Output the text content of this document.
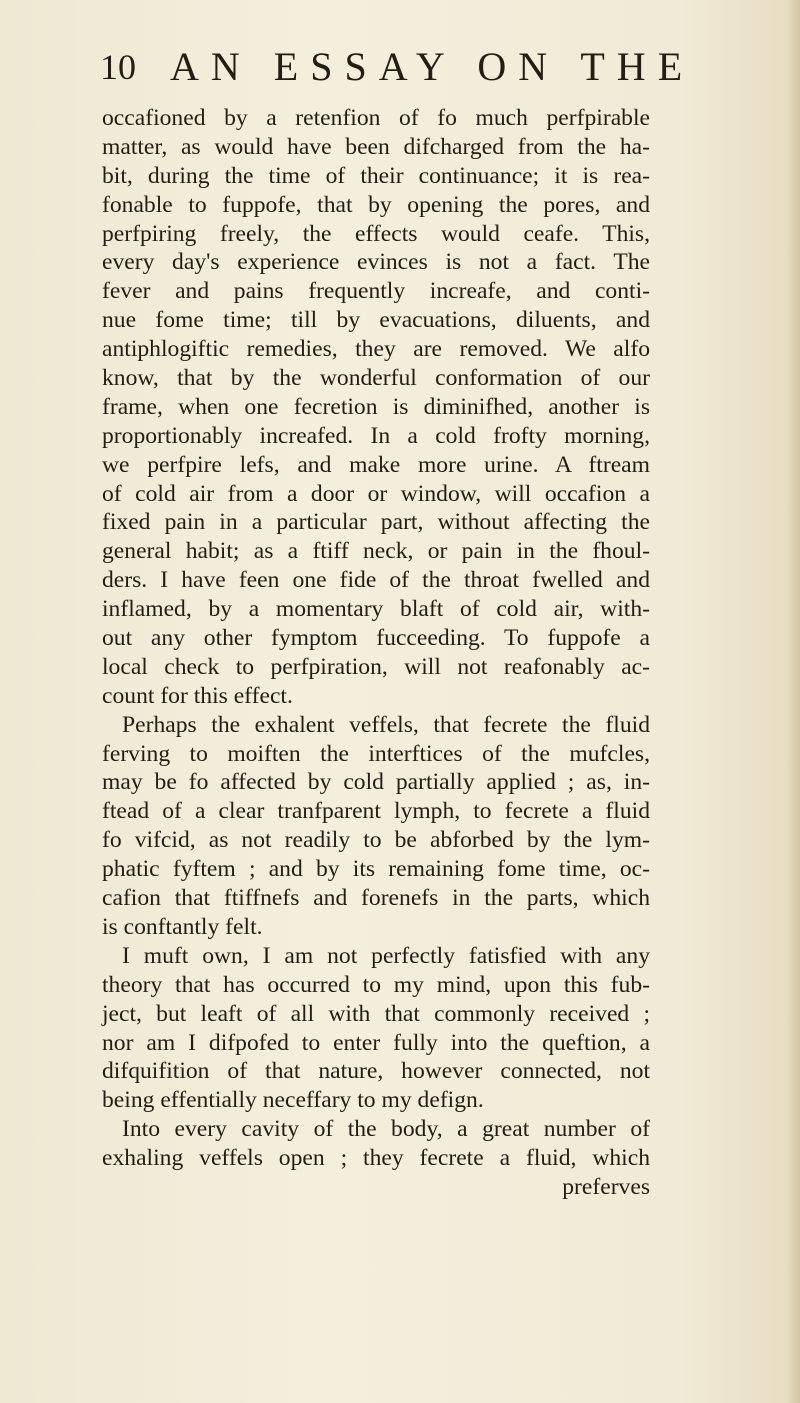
10 AN ESSAY ON THE
occafioned by a retenfion of fo much perfpirable
matter, as would have been difcharged from the ha-
bit, during the time of their continuance; it is rea-
fonable to fuppofe, that by opening the pores, and
perfpiring freely, the effects would ceafe. This,
every day's experience evinces is not a fact. The
fever and pains frequently increafe, and conti-
nue fome time; till by evacuations, diluents, and
antiphlogiftic remedies, they are removed. We alfo
know, that by the wonderful conformation of our
frame, when one fecretion is diminifhed, another is
proportionably increafed. In a cold frofty morning,
we perfpire lefs, and make more urine. A ftream
of cold air from a door or window, will occafion a
fixed pain in a particular part, without affecting the
general habit; as a ftiff neck, or pain in the fhoul-
ders. I have feen one fide of the throat fwelled and
inflamed, by a momentary blaft of cold air, with-
out any other fymptom fucceeding. To fuppofe a
local check to perfpiration, will not reafonably ac-
count for this effect.
Perhaps the exhalent veffels, that fecrete the fluid
ferving to moiften the interftices of the mufcles,
may be fo affected by cold partially applied ; as, in-
ftead of a clear tranfparent lymph, to fecrete a fluid
fo vifcid, as not readily to be abforbed by the lym-
phatic fyftem ; and by its remaining fome time, oc-
cafion that ftiffnefs and forenefs in the parts, which
is conftantly felt.
I muft own, I am not perfectly fatisfied with any
theory that has occurred to my mind, upon this fub-
ject, but leaft of all with that commonly received ;
nor am I difpofed to enter fully into the queftion, a
difquifition of that nature, however connected, not
being effentially neceffary to my defign.
Into every cavity of the body, a great number of
exhaling veffels open ; they fecrete a fluid, which
preferves
